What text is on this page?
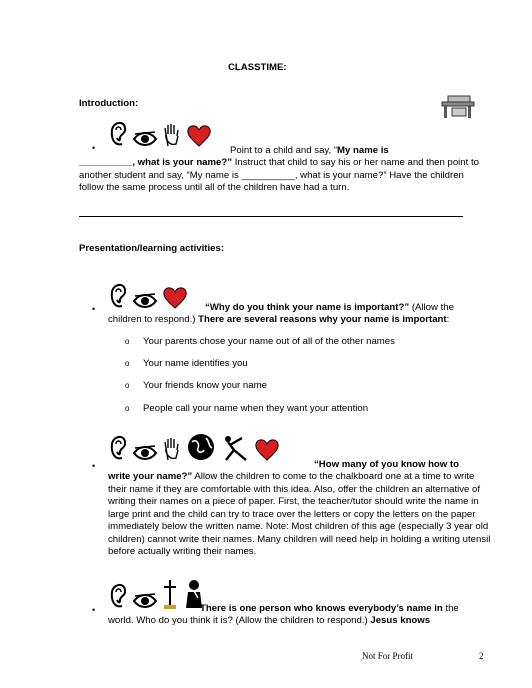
CLASSTIME:
Introduction:
•	Point to a child and say, “My name is
__________, what is your name?” Instruct that child to say his or her name and then point to another student and say, “My name is __________, what is your name?” Have the children follow the same process until all of the children have had a turn.
Presentation/learning activities:
•	“Why do you think your name is important?” (Allow the
children to respond.) There are several reasons why your name is important:
o Your parents chose your name out of all of the other names
o Your name identifies you
o Your friends know your name
o People call your name when they want your attention
•	“How many of you know how to
write your name?” Allow the children to come to the chalkboard one at a time to write their name if they are comfortable with this idea. Also, offer the children an alternative of writing their names on a piece of paper. First, the teacher/tutor should write the name in large print and the child can try to trace over the letters or copy the letters on the paper immediately below the written name. Note: Most children of this age (especially 3 year old children) cannot write their names. Many children will need help in holding a writing utensil before actually writing their names.
•	There is one person who knows everybody’s name in the
world. Who do you think it is? (Allow the children to respond.) Jesus knows
Not For Profit	2
